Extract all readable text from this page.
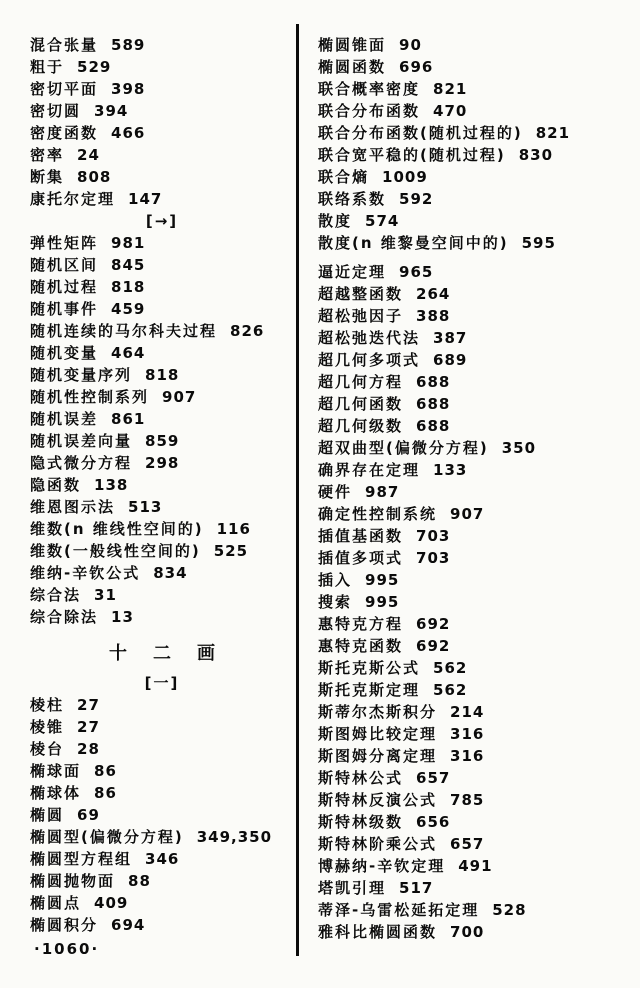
混合张量 589
粗于 529
密切平面 398
密切圆 394
密度函数 466
密率 24
断集 808
康托尔定理 147
[→]
弹性矩阵 981
随机区间 845
随机过程 818
随机事件 459
随机连续的马尔科夫过程 826
随机变量 464
随机变量序列 818
随机性控制系列 907
随机误差 861
随机误差向量 859
隐式微分方程 298
隐函数 138
维恩图示法 513
维数(n 维线性空间的) 116
维数(一般线性空间的) 525
维纳-辛钦公式 834
综合法 31
综合除法 13
十二画
[一]
棱柱 27
棱锥 27
棱台 28
椭球面 86
椭球体 86
椭圆 69
椭圆型(偏微分方程) 349,350
椭圆型方程组 346
椭圆抛物面 88
椭圆点 409
椭圆积分 694
椭圆锥面 90
椭圆函数 696
联合概率密度 821
联合分布函数 470
联合分布函数(随机过程的) 821
联合宽平稳的(随机过程) 830
联合熵 1009
联络系数 592
散度 574
散度(n 维黎曼空间中的) 595
逼近定理 965
超越整函数 264
超松弛因子 388
超松弛迭代法 387
超几何多项式 689
超几何方程 688
超几何函数 688
超几何级数 688
超双曲型(偏微分方程) 350
确界存在定理 133
硬件 987
确定性控制系统 907
插值基函数 703
插值多项式 703
插入 995
搜索 995
惠特克方程 692
惠特克函数 692
斯托克斯公式 562
斯托克斯定理 562
斯蒂尔杰斯积分 214
斯图姆比较定理 316
斯图姆分离定理 316
斯特林公式 657
斯特林反演公式 785
斯特林级数 656
斯特林阶乘公式 657
博赫纳-辛钦定理 491
塔凯引理 517
蒂泽-乌雷松延拓定理 528
雅科比椭圆函数 700
·1060·
